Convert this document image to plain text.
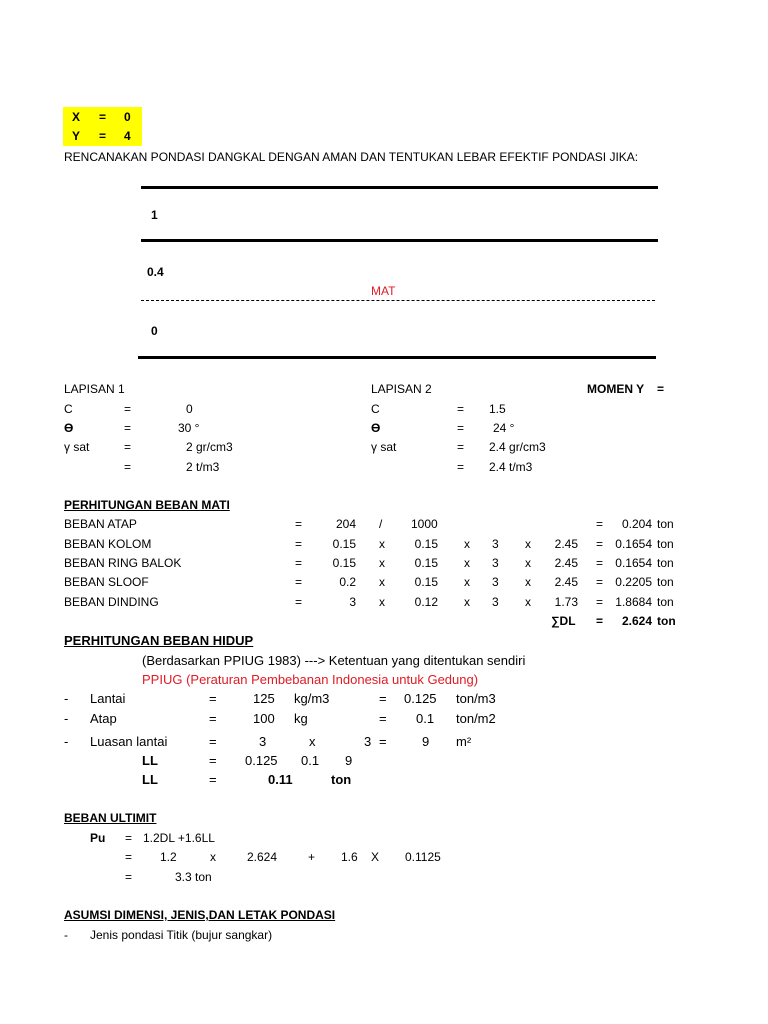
X = 0
Y = 4
RENCANAKAN PONDASI DANGKAL DENGAN AMAN DAN TENTUKAN LEBAR EFEKTIF PONDASI JIKA:
1
0.4
MAT
0
LAPISAN 1
C	=	0
Ɵ	=	30 °
γ sat	=	2 gr/cm3
=	2 t/m3
LAPISAN 2
C	= 1.5
Ɵ	= 24 °
γ sat	= 2.4 gr/cm3
= 2.4 t/m3
MOMEN Y =
PERHITUNGAN BEBAN MATI
BEBAN ATAP	=	204 / 1000	=	0.204 ton
BEBAN KOLOM	=	0.15 x	0.15 x 3 x	2.45 =	0.1654 ton
BEBAN RING BALOK	=	0.15 x	0.15 x 3 x	2.45 =	0.1654 ton
BEBAN SLOOF	=	0.2 x	0.15 x 3 x	2.45 =	0.2205 ton
BEBAN DINDING	=	3 x	0.12 x 3 x	1.73 =	1.8684 ton
∑DL =	2.624 ton
PERHITUNGAN BEBAN HIDUP
(Berdasarkan PPIUG 1983) ---> Ketentuan yang ditentukan sendiri
PPIUG (Peraturan Pembebanan Indonesia untuk Gedung)
- Lantai	=	125 kg/m3	= 0.125 ton/m3
- Atap	=	100 kg	= 0.1 ton/m2
- Luasan lantai	=	3	x	3 =	9 m²
LL	= 0.125 0.1 9
LL	=	0.11	ton
BEBAN ULTIMIT
Pu = 1.2DL +1.6LL
= 1.2	x	2.624	+ 1.6 X 0.1125
=	3.3 ton
ASUMSI DIMENSI, JENIS,DAN LETAK PONDASI
- Jenis pondasi Titik (bujur sangkar)
